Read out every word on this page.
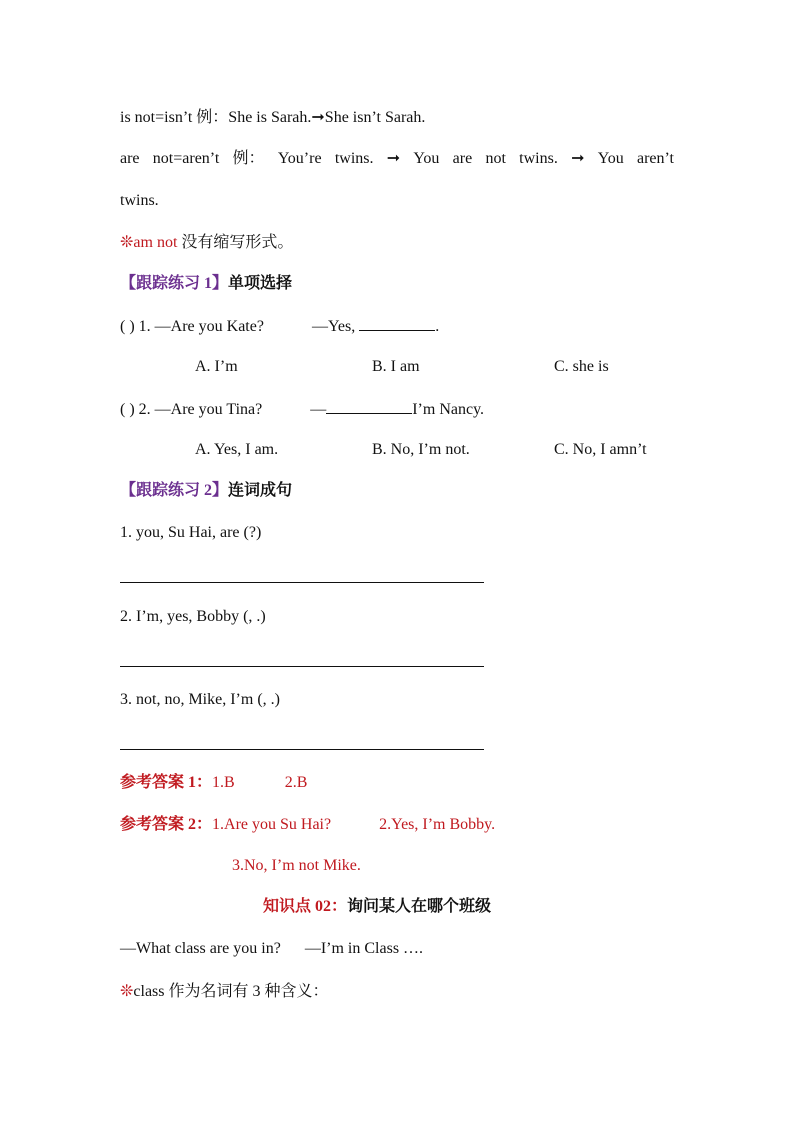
is not=isn’t 例：She is Sarah.➞She isn’t Sarah.
are not=aren’t 例： You’re twins. ➞ You are not twins. ➞ You aren’t
twins.
❊am not 没有缩写形式。
【跟踪练习 1】单项选择
( ) 1. —Are you Kate?	—Yes,	.
A. I’m	B. I am	C. she is
( ) 2. —Are you Tina?	—	I’m Nancy.
A. Yes, I am.	B. No, I’m not.	C. No, I amn’t
【跟踪练习 2】连词成句
1. you, Su Hai, are (?)
2. I’m, yes, Bobby (, .)
3. not, no, Mike, I’m (, .)
参考答案 1：1.B	2.B
参考答案 2：1.Are you Su Hai?	2.Yes, I’m Bobby.
3.No, I’m not Mike.
知识点 02：询问某人在哪个班级
—What class are you in?      —I’m in Class ….
❊class 作为名词有 3 种含义：
